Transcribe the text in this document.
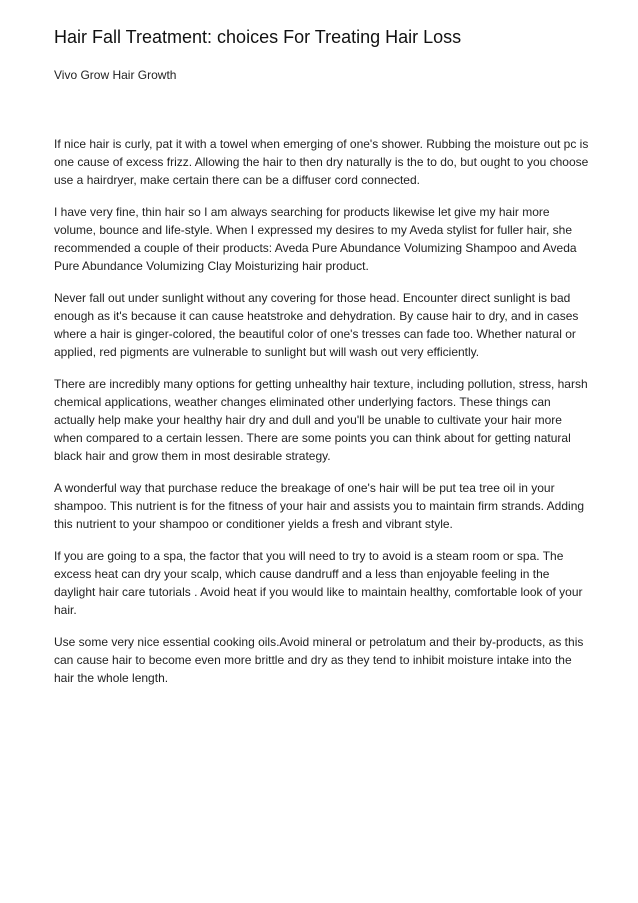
Hair Fall Treatment: choices For Treating Hair Loss
Vivo Grow Hair Growth

If nice hair is curly, pat it with a towel when emerging of one's shower. Rubbing the moisture out pc is one cause of excess frizz. Allowing the hair to then dry naturally is the to do, but ought to you choose use a hairdryer, make certain there can be a diffuser cord connected.

I have very fine, thin hair so I am always searching for products likewise let give my hair more volume, bounce and life-style. When I expressed my desires to my Aveda stylist for fuller hair, she recommended a couple of their products: Aveda Pure Abundance Volumizing Shampoo and Aveda Pure Abundance Volumizing Clay Moisturizing hair product.

Never fall out under sunlight without any covering for those head. Encounter direct sunlight is bad enough as it's because it can cause heatstroke and dehydration. By cause hair to dry, and in cases where a hair is ginger-colored, the beautiful color of one's tresses can fade too. Whether natural or applied, red pigments are vulnerable to sunlight but will wash out very efficiently.

There are incredibly many options for getting unhealthy hair texture, including pollution, stress, harsh chemical applications, weather changes eliminated other underlying factors. These things can actually help make your healthy hair dry and dull and you'll be unable to cultivate your hair more when compared to a certain lessen. There are some points you can think about for getting natural black hair and grow them in most desirable strategy.

A wonderful way that purchase reduce the breakage of one's hair will be put tea tree oil in your shampoo. This nutrient is for the fitness of your hair and assists you to maintain firm strands. Adding this nutrient to your shampoo or conditioner yields a fresh and vibrant style.

If you are going to a spa, the factor that you will need to try to avoid is a steam room or spa. The excess heat can dry your scalp, which cause dandruff and a less than enjoyable feeling in the daylight hair care tutorials . Avoid heat if you would like to maintain healthy, comfortable look of your hair.

Use some very nice essential cooking oils.Avoid mineral or petrolatum and their by-products, as this can cause hair to become even more brittle and dry as they tend to inhibit moisture intake into the hair the whole length.
